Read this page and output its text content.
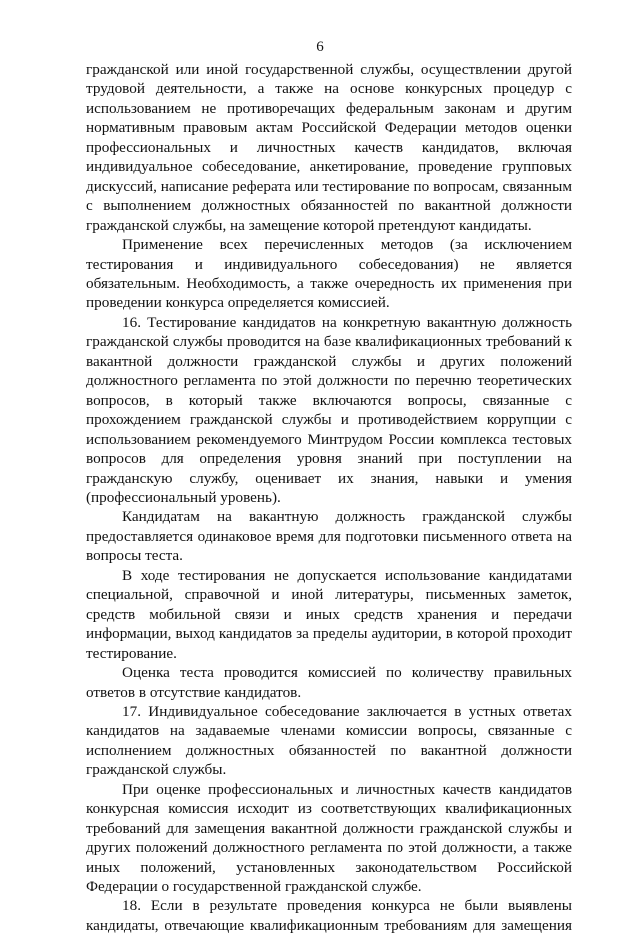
6
гражданской или иной государственной службы, осуществлении другой
трудовой деятельности, а также на основе конкурсных процедур с
использованием не противоречащих федеральным законам и другим
нормативным правовым актам Российской Федерации методов оценки
профессиональных и личностных качеств кандидатов, включая
индивидуальное собеседование, анкетирование, проведение групповых
дискуссий, написание реферата или тестирование по вопросам, связанным
с выполнением должностных обязанностей по вакантной должности
гражданской службы, на замещение которой претендуют кандидаты.
Применение всех перечисленных методов (за исключением
тестирования и индивидуального собеседования) не является
обязательным. Необходимость, а также очередность их применения при
проведении конкурса определяется комиссией.
16. Тестирование кандидатов на конкретную вакантную должность
гражданской службы проводится на базе квалификационных требований к
вакантной должности гражданской службы и других положений
должностного регламента по этой должности по перечню теоретических
вопросов, в который также включаются вопросы, связанные с
прохождением гражданской службы и противодействием коррупции с
использованием рекомендуемого Минтрудом России комплекса тестовых
вопросов для определения уровня знаний при поступлении на
гражданскую службу, оценивает их знания, навыки и умения
(профессиональный уровень).
Кандидатам на вакантную должность гражданской службы
предоставляется одинаковое время для подготовки письменного ответа на
вопросы теста.
В ходе тестирования не допускается использование кандидатами
специальной, справочной и иной литературы, письменных заметок,
средств мобильной связи и иных средств хранения и передачи
информации, выход кандидатов за пределы аудитории, в которой проходит
тестирование.
Оценка теста проводится комиссией по количеству правильных
ответов в отсутствие кандидатов.
17. Индивидуальное собеседование заключается в устных ответах
кандидатов на задаваемые членами комиссии вопросы, связанные с
исполнением должностных обязанностей по вакантной должности
гражданской службы.
При оценке профессиональных и личностных качеств кандидатов
конкурсная комиссия исходит из соответствующих квалификационных
требований для замещения вакантной должности гражданской службы и
других положений должностного регламента по этой должности, а также
иных положений, установленных законодательством Российской
Федерации о государственной гражданской службе.
18. Если в результате проведения конкурса не были выявлены
кандидаты, отвечающие квалификационным требованиям для замещения
